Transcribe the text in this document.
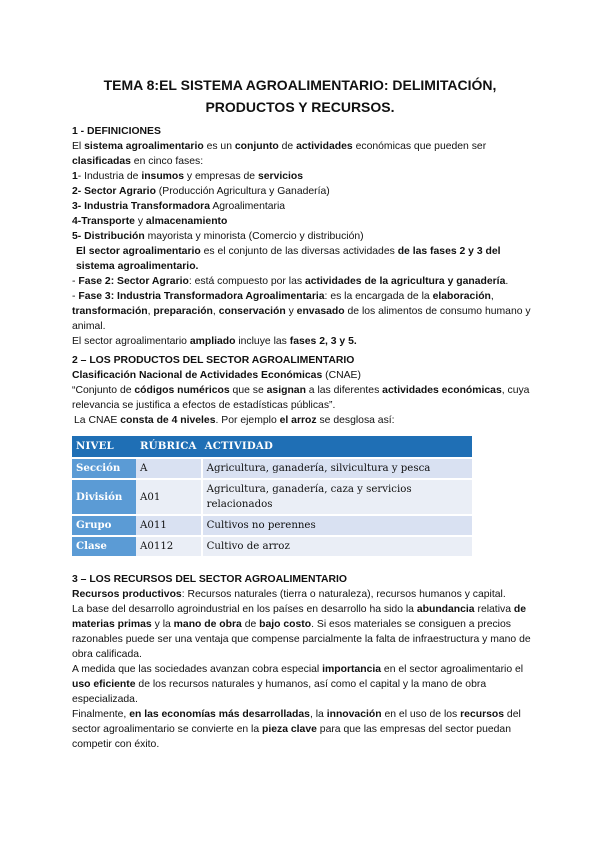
TEMA 8:EL SISTEMA AGROALIMENTARIO: DELIMITACIÓN,
PRODUCTOS Y RECURSOS.

1 - DEFINICIONES

El sistema agroalimentario es un conjunto de actividades económicas que pueden ser clasificadas en cinco fases:

1- Industria de insumos y empresas de servicios

2- Sector Agrario (Producción Agricultura y Ganadería)

3- Industria Transformadora Agroalimentaria

4-Transporte y almacenamiento

5- Distribución mayorista y minorista (Comercio y distribución)

El sector agroalimentario es el conjunto de las diversas actividades de las fases 2 y 3 del sistema agroalimentario.

- Fase 2: Sector Agrario: está compuesto por las actividades de la agricultura y ganadería.

- Fase 3: Industria Transformadora Agroalimentaria: es la encargada de la elaboración, transformación, preparación, conservación y envasado de los alimentos de consumo humano y animal.

El sector agroalimentario ampliado incluye las fases 2, 3 y 5.

2 – LOS PRODUCTOS DEL SECTOR AGROALIMENTARIO

Clasificación Nacional de Actividades Económicas (CNAE)

“Conjunto de códigos numéricos que se asignan a las diferentes actividades económicas, cuya relevancia se justifica a efectos de estadísticas públicas”.

La CNAE consta de 4 niveles. Por ejemplo el arroz se desglosa así:

NIVEL	RÚBRICA	ACTIVIDAD
Sección	A	Agricultura, ganadería, silvicultura y pesca
División	A01	Agricultura, ganadería, caza y servicios relacionados
Grupo	A011	Cultivos no perennes
Clase	A0112	Cultivo de arroz

3 – LOS RECURSOS DEL SECTOR AGROALIMENTARIO

Recursos productivos: Recursos naturales (tierra o naturaleza), recursos humanos y capital.

La base del desarrollo agroindustrial en los países en desarrollo ha sido la abundancia relativa de materias primas y la mano de obra de bajo costo. Si esos materiales se consiguen a precios razonables puede ser una ventaja que compense parcialmente la falta de infraestructura y mano de obra calificada.

A medida que las sociedades avanzan cobra especial importancia en el sector agroalimentario el uso eficiente de los recursos naturales y humanos, así como el capital y la mano de obra especializada.

Finalmente, en las economías más desarrolladas, la innovación en el uso de los recursos del sector agroalimentario se convierte en la pieza clave para que las empresas del sector puedan competir con éxito.
